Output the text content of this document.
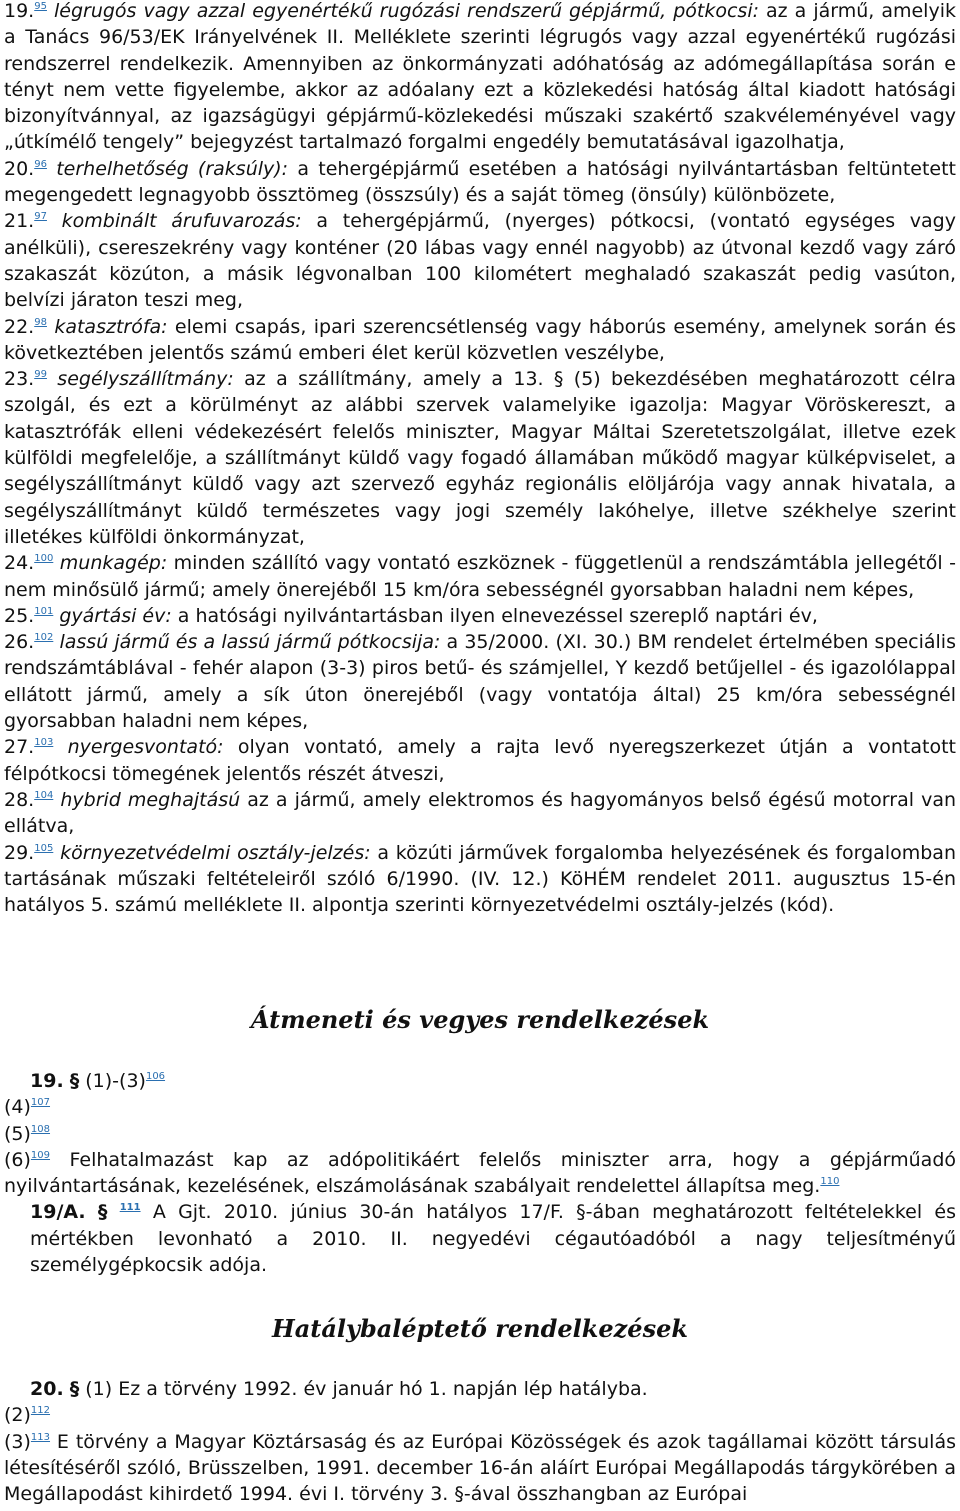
19.95 légrugós vagy azzal egyenértékű rugózási rendszerű gépjármű, pótkocsi: az a jármű, amelyik a Tanács 96/53/EK Irányelvének II. Melléklete szerinti légrugós vagy azzal egyenértékű rugózási rendszerrel rendelkezik. Amennyiben az önkormányzati adóhatóság az adómegállapítása során e tényt nem vette figyelembe, akkor az adóalany ezt a közlekedési hatóság által kiadott hatósági bizonyítvánnyal, az igazságügyi gépjármű-közlekedési műszaki szakértő szakvéleményével vagy „útkímélő tengely” bejegyzést tartalmazó forgalmi engedély bemutatásával igazolhatja,

20.96 terhelhetőség (raksúly): a tehergépjármű esetében a hatósági nyilvántartásban feltüntetett megengedett legnagyobb össztömeg (összsúly) és a saját tömeg (önsúly) különbözete,

21.97 kombinált árufuvarozás: a tehergépjármű, (nyerges) pótkocsi, (vontató egységes vagy anélküli), csereszekrény vagy konténer (20 lábas vagy ennél nagyobb) az útvonal kezdő vagy záró szakaszát közúton, a másik légvonalban 100 kilométert meghaladó szakaszát pedig vasúton, belvízi járaton teszi meg,

22.98 katasztrófa: elemi csapás, ipari szerencsétlenség vagy háborús esemény, amelynek során és következtében jelentős számú emberi élet kerül közvetlen veszélybe,

23.99 segélyszállítmány: az a szállítmány, amely a 13. § (5) bekezdésében meghatározott célra szolgál, és ezt a körülményt az alábbi szervek valamelyike igazolja: Magyar Vöröskereszt, a katasztrófák elleni védekezésért felelős miniszter, Magyar Máltai Szeretetszolgálat, illetve ezek külföldi megfelelője, a szállítmányt küldő vagy fogadó államában működő magyar külképviselet, a segélyszállítmányt küldő vagy azt szervező egyház regionális elöljárója vagy annak hivatala, a segélyszállítmányt küldő természetes vagy jogi személy lakóhelye, illetve székhelye szerint illetékes külföldi önkormányzat,

24.$^{100}$ munkagép: minden szállító vagy vontató eszköznek - függetlenül a rendszámtábla jellegétől - nem minősülő jármű; amely önerejéből 15 km/óra sebességnél gyorsabban haladni nem képes,

25.$^{101}$ gyártási év: a hatósági nyilvántartásban ilyen elnevezéssel szereplő naptári év,

26.$^{102}$ lassú jármű és a lassú jármű pótkocsija: a 35/2000. (XI. 30.) BM rendelet értelmében speciális rendszámtáblával - fehér alapon (3-3) piros betű- és számjellel, Y kezdő betűjellel - és igazolólappal ellátott jármű, amely a sík úton önerejéből (vagy vontatója által) 25 km/óra sebességnél gyorsabban haladni nem képes,

27.$^{103}$ nyergesvontató: olyan vontató, amely a rajta levő nyeregszerkezet útján a vontatott félpótkocsi tömegének jelentős részét átveszi,

28.$^{104}$ hybrid meghajtású az a jármű, amely elektromos és hagyományos belső égésű motorral van ellátva,

29.$^{105}$ környezetvédelmi osztály-jelzés: a közúti járművek forgalomba helyezésének és forgalomban tartásának műszaki feltételeiről szóló 6/1990. (IV. 12.) KöHÉM rendelet 2011. augusztus 15-én hatályos 5. számú melléklete II. alpontja szerinti környezetvédelmi osztály-jelzés (kód).

Átmeneti és vegyes rendelkezések

19. § $(1)-(3)^{106}$

$(4)^{107}$

$(5)^{108}$

$(6)^{109}$ Felhatalmazást kap az adópolitikáért felelős miniszter arra, hogy a gépjárműadó nyilvántartásának, kezelésének, elszámolásának szabályait rendelettel állapítsa meg.$^{110}$

19/A. § $^{111}$ A Gjt. 2010. június 30-án hatályos 17/F. §-ában meghatározott feltételekkel és mértékben levonható a 2010. II. negyedévi cégautóadóból a nagy teljesítményű személygépkocsik adója.

Hatálybaléptető rendelkezések

20. § (1) Ez a törvény 1992. év január hó 1. napján lép hatályba.

$(2)^{112}$

$(3)^{113}$ E törvény a Magyar Köztársaság és az Európai Közösségek és azok tagállamai között társulás létesítéséről szóló, Brüsszelben, 1991. december 16-án aláírt Európai Megállapodás tárgykörében a Megállapodást kihirdető 1994. évi I. törvény 3. §-ával összhangban az Európai
